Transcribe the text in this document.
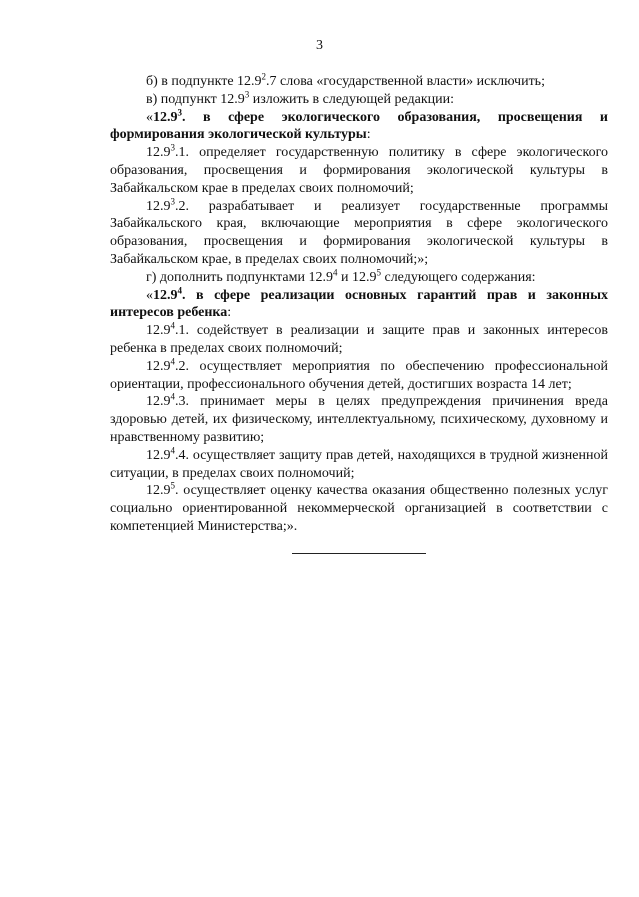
3

б) в подпункте 12.9$^2$.7 слова «государственной власти» исключить;

в) подпункт 12.9$^3$ изложить в следующей редакции:

«12.9$^3$. в сфере экологического образования, просвещения и формирования экологической культуры:

12.9$^3$.1. определяет государственную политику в сфере экологического образования, просвещения и формирования экологической культуры в Забайкальском крае в пределах своих полномочий;

12.9$^3$.2. разрабатывает и реализует государственные программы Забайкальского края, включающие мероприятия в сфере экологического образования, просвещения и формирования экологической культуры в Забайкальском крае, в пределах своих полномочий;»;

г) дополнить подпунктами 12.9$^4$ и 12.9$^5$ следующего содержания:

«12.9$^4$. в сфере реализации основных гарантий прав и законных интересов ребенка:

12.9$^4$.1. содействует в реализации и защите прав и законных интересов ребенка в пределах своих полномочий;

12.9$^4$.2. осуществляет мероприятия по обеспечению профессиональной ориентации, профессионального обучения детей, достигших возраста 14 лет;

12.9$^4$.3. принимает меры в целях предупреждения причинения вреда здоровью детей, их физическому, интеллектуальному, психическому, духовному и нравственному развитию;

12.9$^4$.4. осуществляет защиту прав детей, находящихся в трудной жизненной ситуации, в пределах своих полномочий;

12.9$^5$. осуществляет оценку качества оказания общественно полезных услуг социально ориентированной некоммерческой организацией в соответствии с компетенцией Министерства;».
